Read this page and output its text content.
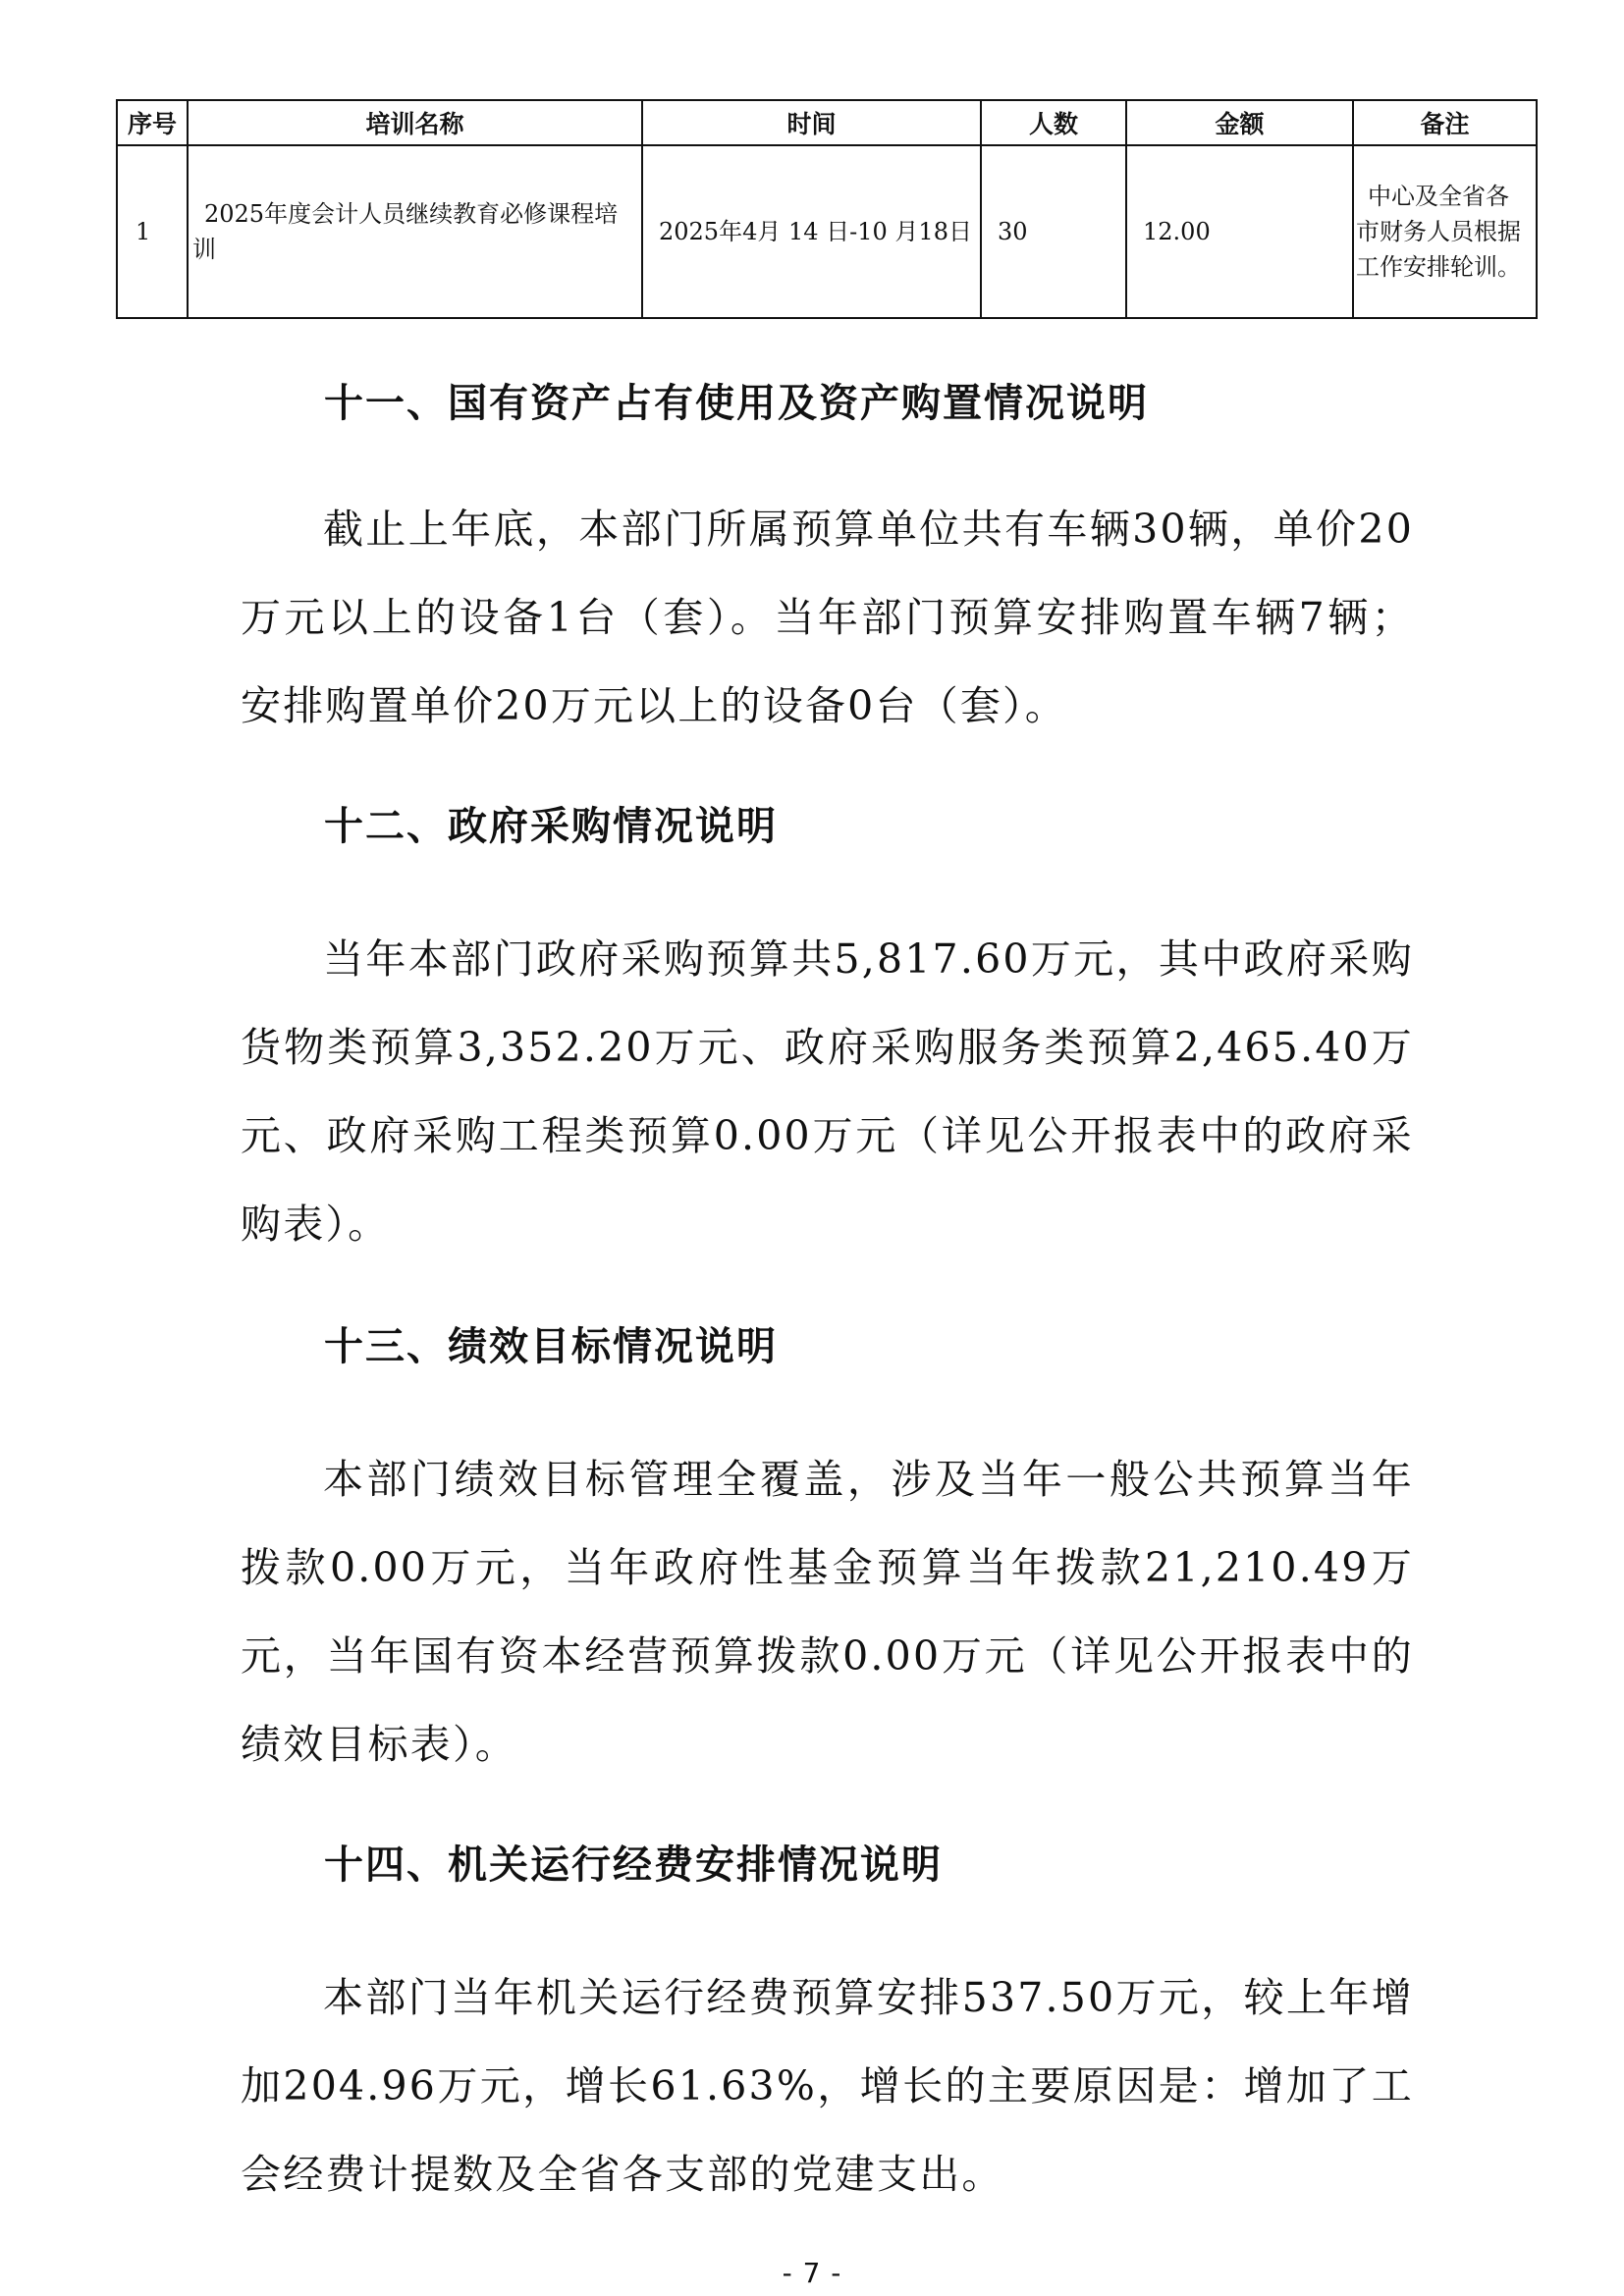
序号	培训名称	时间	人数	金额	备注
1	2025年度会计人员继续教育必修课程培训	2025年4月 14 日-10 月18日	30	12.00	中心及全省各市财务人员根据工作安排轮训。
十一、国有资产占有使用及资产购置情况说明

截止上年底，本部门所属预算单位共有车辆30辆，单价20万元以上的设备1台（套）。当年部门预算安排购置车辆7辆；安排购置单价20万元以上的设备0台（套）。

十二、政府采购情况说明

当年本部门政府采购预算共5,817.60万元，其中政府采购货物类预算3,352.20万元、政府采购服务类预算2,465.40万元、政府采购工程类预算0.00万元（详见公开报表中的政府采购表）。

十三、绩效目标情况说明

本部门绩效目标管理全覆盖，涉及当年一般公共预算当年拨款0.00万元，当年政府性基金预算当年拨款21,210.49万元，当年国有资本经营预算拨款0.00万元（详见公开报表中的绩效目标表）。

十四、机关运行经费安排情况说明

本部门当年机关运行经费预算安排537.50万元，较上年增加204.96万元，增长61.63%，增长的主要原因是：增加了工会经费计提数及全省各支部的党建支出。

- 7 -
